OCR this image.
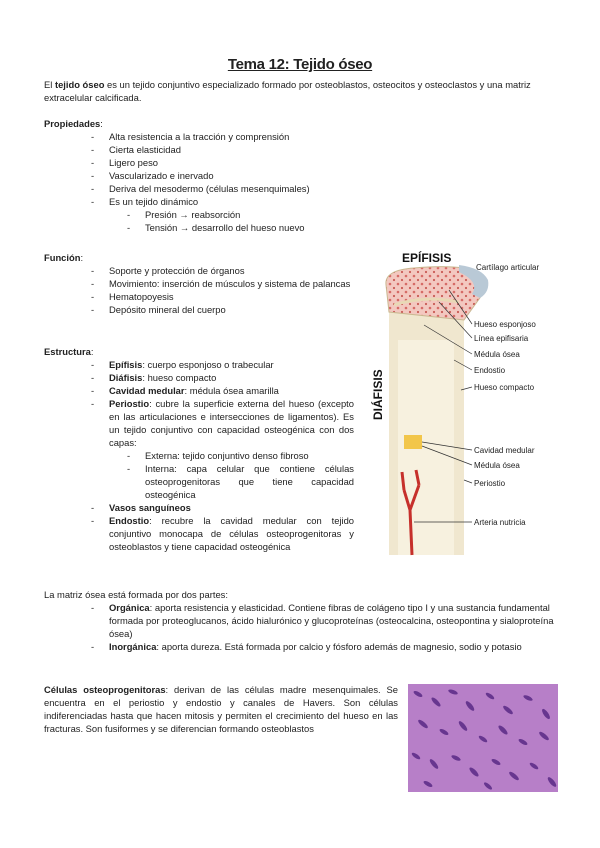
Tema 12: Tejido óseo

El tejido óseo es un tejido conjuntivo especializado formado por osteoblastos, osteocitos y osteoclastos y una matriz extracelular calcificada.

Propiedades:
- Alta resistencia a la tracción y comprensión
- Cierta elasticidad
- Ligero peso
- Vascularizado e inervado
- Deriva del mesodermo (células mesenquimales)
- Es un tejido dinámico
- Presión → reabsorción
- Tensión → desarrollo del hueso nuevo
Función:
- Soporte y protección de órganos
- Movimiento: inserción de músculos y sistema de palancas
- Hematopoyesis
- Depósito mineral del cuerpo
Estructura:
- Epífisis: cuerpo esponjoso o trabecular
- Diáfisis: hueso compacto
- Cavidad medular: médula ósea amarilla
- Periostio: cubre la superficie externa del hueso (excepto en las articulaciones e intersecciones de ligamentos). Es un tejido conjuntivo con capacidad osteogénica con dos capas:
- Externa: tejido conjuntivo denso fibroso
- Interna: capa celular que contiene células osteoprogenitoras que tiene capacidad osteogénica
- Vasos sanguíneos
- Endostio: recubre la cavidad medular con tejido conjuntivo monocapa de células osteoprogenitoras y osteoblastos y tiene capacidad osteogénica
La matriz ósea está formada por dos partes:
- Orgánica: aporta resistencia y elasticidad. Contiene fibras de colágeno tipo I y una sustancia fundamental formada por proteoglucanos, ácido hialurónico y glucoproteínas (osteocalcina, osteopontina y sialoproteína ósea)
- Inorgánica: aporta dureza. Está formada por calcio y fósforo además de magnesio, sodio y potasio

Células osteoprogenitoras: derivan de las células madre mesenquimales. Se encuentra en el periostio y endostio y canales de Havers. Son células indiferenciadas hasta que hacen mitosis y permiten el crecimiento del hueso en las fracturas. Son fusiformes y se diferencian formando osteoblastos

EPÍFISIS
DIÁFISIS
Cartílago articular
Hueso esponjoso
Línea epifisaria
Médula ósea
Endostio
Hueso compacto
Cavidad medular
Médula ósea
Periostio
Arteria nutricia
